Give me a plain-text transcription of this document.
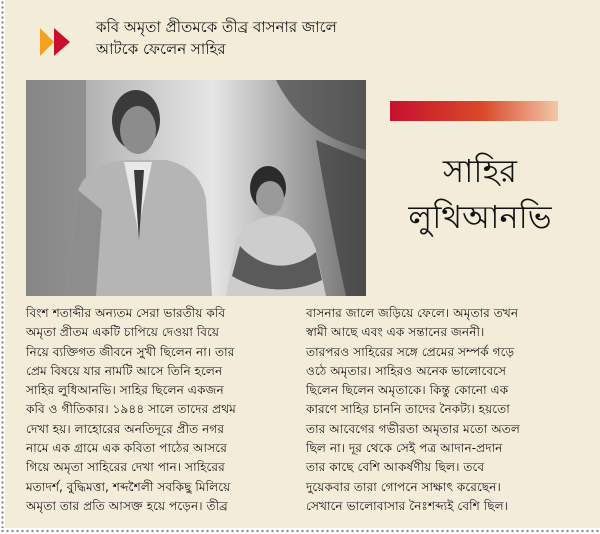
কবি অমৃতা প্রীতমকে তীব্র বাসনার জালে
আটকে ফেলেন সাহির
সাহির
লুথিআনভি

বিংশ শতাব্দীর অন্যতম সেরা ভারতীয় কবি

অমৃতা প্রীতম একটি চাপিয়ে দেওয়া বিয়ে

নিয়ে ব্যক্তিগত জীবনে সুখী ছিলেন না। তার

প্রেম বিষয়ে যার নামটি আসে তিনি হলেন

সাহির লুধিআনভি। সাহির ছিলেন একজন

কবি ও গীতিকার। ১৯৪৪ সালে তাদের প্রথম

দেখা হয়। লাহোরের অনতিদূরে প্রীত নগর

নামে এক গ্রামে এক কবিতা পাঠের আসরে

গিয়ে অমৃতা সাহিরের দেখা পান। সাহিরের

মতাদর্শ, বুদ্ধিমত্তা, শব্দশৈলী সবকিছু মিলিয়ে

অমৃতা তার প্রতি আসক্ত হয়ে পড়েন। তীব্র

বাসনার জালে জড়িয়ে ফেলে। অমৃতার তখন

স্বামী আছে এবং এক সন্তানের জননী।

তারপরও সাহিরের সঙ্গে প্রেমের সম্পর্ক গড়ে

ওঠে অমৃতার। সাহিরও অনেক ভালোবেসে

ছিলেন ছিলেন অমৃতাকে। কিন্তু কোনো এক

কারণে সাহির চাননি তাদের নৈকট্য। হয়তো

তার আবেগের গভীরতা অমৃতার মতো অতল

ছিল না। দূর থেকে সেই পত্র আদান-প্রদান

তার কাছে বেশি আকর্ষণীয় ছিল। তবে

দুয়েকবার তারা গোপনে সাক্ষাৎ করেছেন।

সেখানে ভালোবাসার নৈঃশব্দ্যই বেশি ছিল।
